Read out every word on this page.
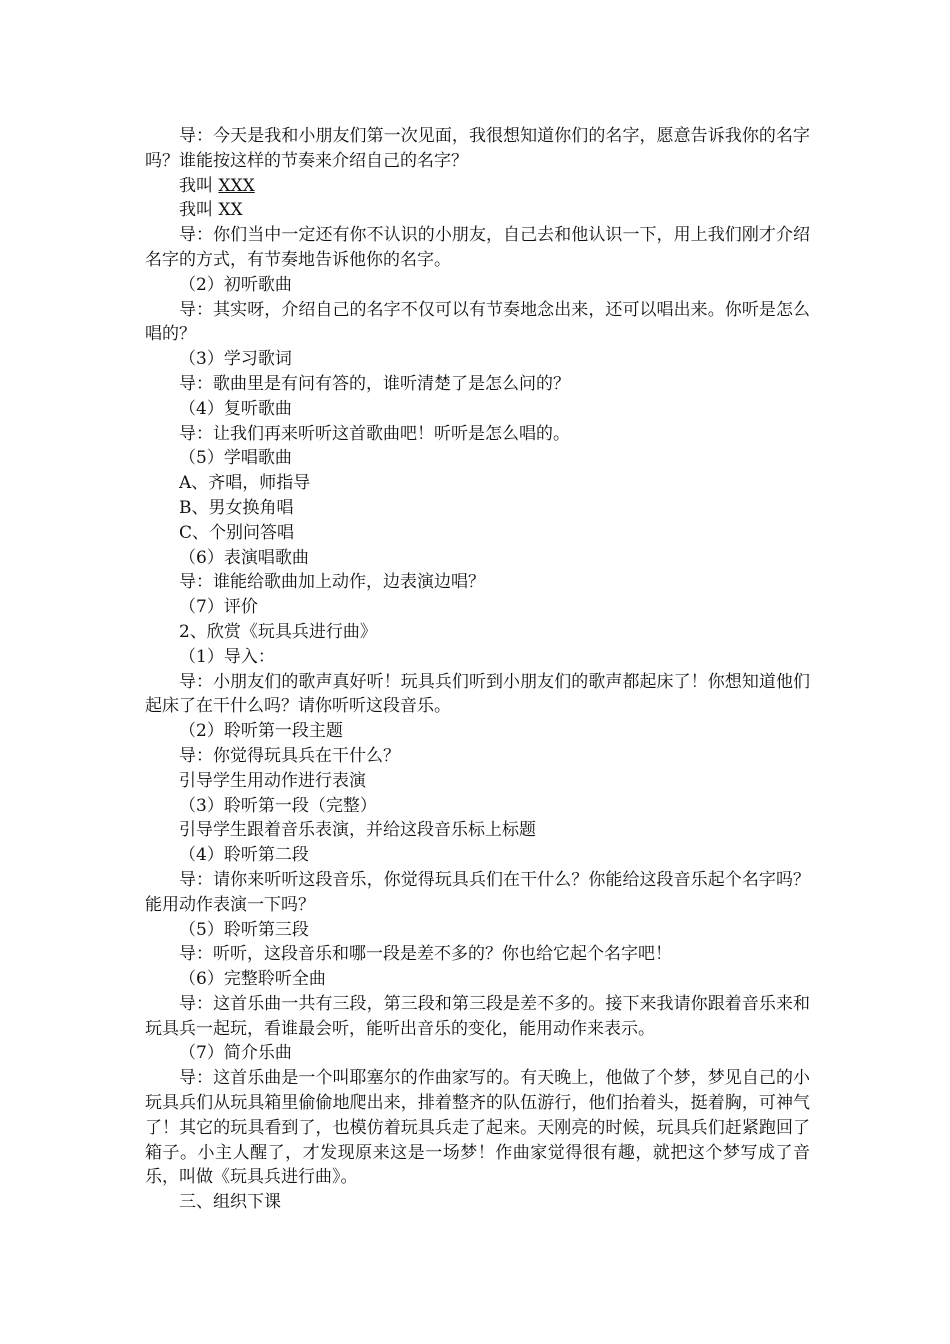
导：今天是我和小朋友们第一次见面，我很想知道你们的名字，愿意告诉我你的名字吗？谁能按这样的节奏来介绍自己的名字？

我叫 XXX

我叫 XX

导：你们当中一定还有你不认识的小朋友，自己去和他认识一下，用上我们刚才介绍名字的方式，有节奏地告诉他你的名字。

（2）初听歌曲

导：其实呀，介绍自己的名字不仅可以有节奏地念出来，还可以唱出来。你听是怎么唱的？

（3）学习歌词

导：歌曲里是有问有答的，谁听清楚了是怎么问的？

（4）复听歌曲

导：让我们再来听听这首歌曲吧！听听是怎么唱的。

（5）学唱歌曲

A、齐唱，师指导

B、男女换角唱

C、个别问答唱

（6）表演唱歌曲

导：谁能给歌曲加上动作，边表演边唱？

（7）评价

2、欣赏《玩具兵进行曲》

（1）导入：

导：小朋友们的歌声真好听！玩具兵们听到小朋友们的歌声都起床了！你想知道他们起床了在干什么吗？请你听听这段音乐。

（2）聆听第一段主题

导：你觉得玩具兵在干什么？

引导学生用动作进行表演

（3）聆听第一段（完整）

引导学生跟着音乐表演，并给这段音乐标上标题

（4）聆听第二段

导：请你来听听这段音乐，你觉得玩具兵们在干什么？你能给这段音乐起个名字吗？能用动作表演一下吗？

（5）聆听第三段

导：听听，这段音乐和哪一段是差不多的？你也给它起个名字吧！

（6）完整聆听全曲

导：这首乐曲一共有三段，第三段和第三段是差不多的。接下来我请你跟着音乐来和玩具兵一起玩，看谁最会听，能听出音乐的变化，能用动作来表示。

（7）简介乐曲

导：这首乐曲是一个叫耶塞尔的作曲家写的。有天晚上，他做了个梦，梦见自己的小玩具兵们从玩具箱里偷偷地爬出来，排着整齐的队伍游行，他们抬着头，挺着胸，可神气了！其它的玩具看到了，也模仿着玩具兵走了起来。天刚亮的时候，玩具兵们赶紧跑回了箱子。小主人醒了，才发现原来这是一场梦！作曲家觉得很有趣，就把这个梦写成了音乐，叫做《玩具兵进行曲》。

三、组织下课
